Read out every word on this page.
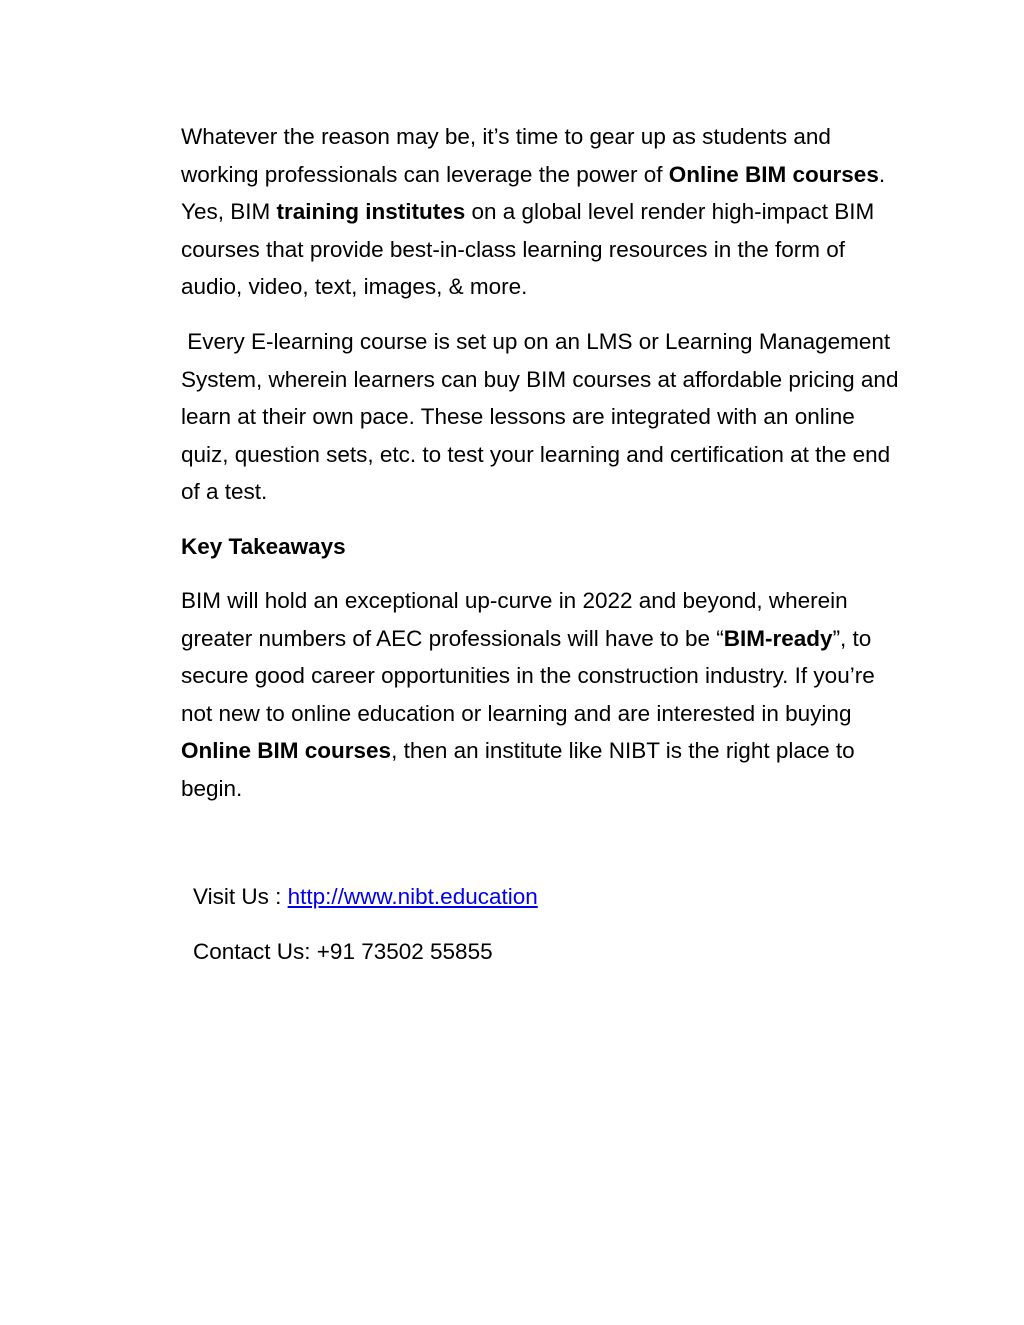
Whatever the reason may be, it’s time to gear up as students and working professionals can leverage the power of Online BIM courses. Yes, BIM training institutes on a global level render high-impact BIM courses that provide best-in-class learning resources in the form of audio, video, text, images, & more.

Every E-learning course is set up on an LMS or Learning Management System, wherein learners can buy BIM courses at affordable pricing and learn at their own pace. These lessons are integrated with an online quiz, question sets, etc. to test your learning and certification at the end of a test.

Key Takeaways

BIM will hold an exceptional up-curve in 2022 and beyond, wherein greater numbers of AEC professionals will have to be “BIM-ready”, to secure good career opportunities in the construction industry. If you’re not new to online education or learning and are interested in buying Online BIM courses, then an institute like NIBT is the right place to begin.

Visit Us : http://www.nibt.education

Contact Us: +91 73502 55855
